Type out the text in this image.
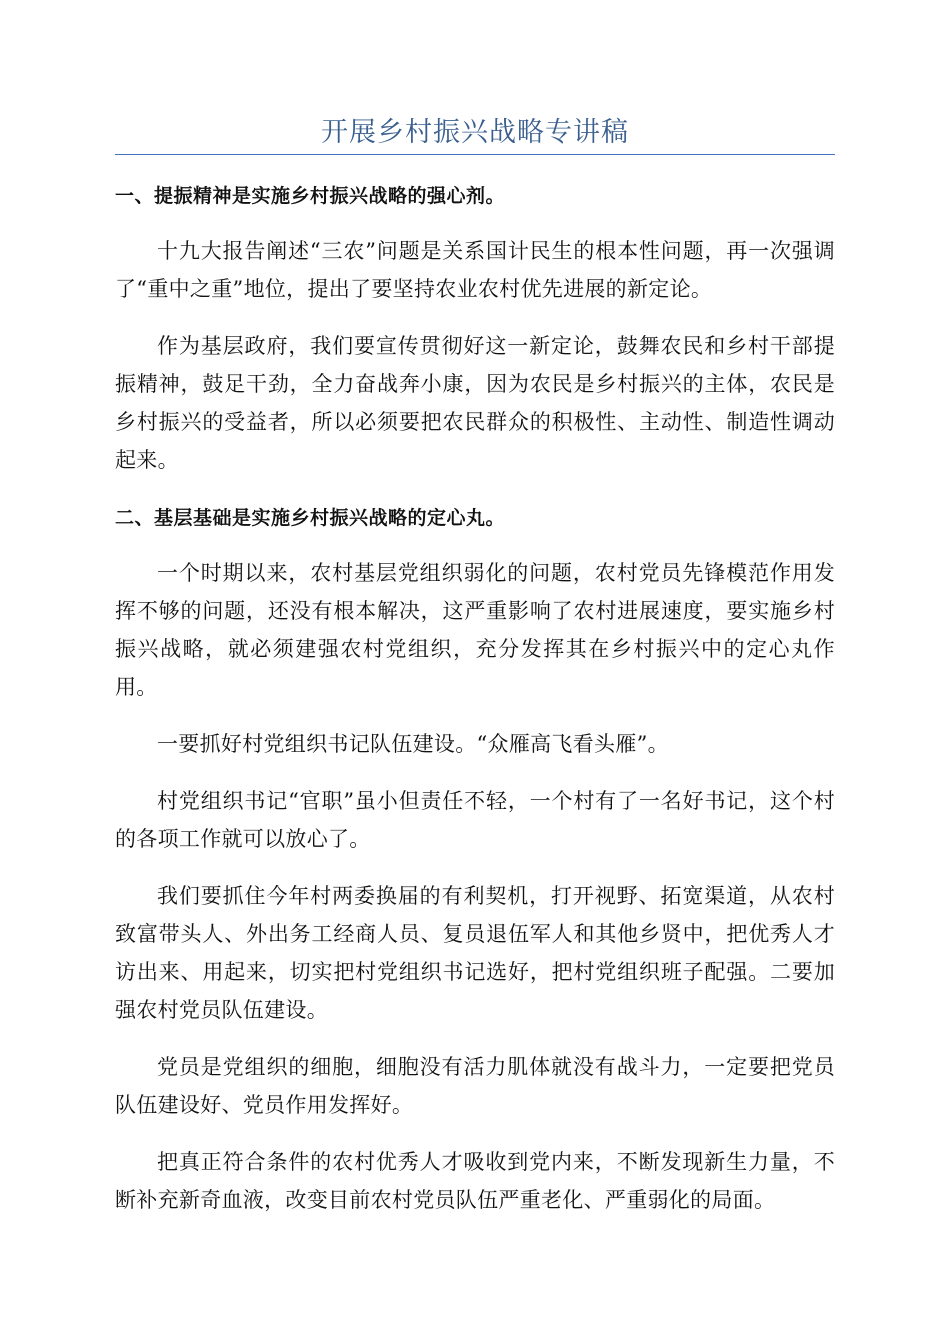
开展乡村振兴战略专讲稿

一、提振精神是实施乡村振兴战略的强心剂。

十九大报告阐述“三农”问题是关系国计民生的根本性问题，再一次强调了“重中之重”地位，提出了要坚持农业农村优先进展的新定论。

作为基层政府，我们要宣传贯彻好这一新定论，鼓舞农民和乡村干部提振精神，鼓足干劲，全力奋战奔小康，因为农民是乡村振兴的主体，农民是乡村振兴的受益者，所以必须要把农民群众的积极性、主动性、制造性调动起来。

二、基层基础是实施乡村振兴战略的定心丸。

一个时期以来，农村基层党组织弱化的问题，农村党员先锋模范作用发挥不够的问题，还没有根本解决，这严重影响了农村进展速度，要实施乡村振兴战略，就必须建强农村党组织，充分发挥其在乡村振兴中的定心丸作用。

一要抓好村党组织书记队伍建设。“众雁高飞看头雁”。

村党组织书记“官职”虽小但责任不轻，一个村有了一名好书记，这个村的各项工作就可以放心了。

我们要抓住今年村两委换届的有利契机，打开视野、拓宽渠道，从农村致富带头人、外出务工经商人员、复员退伍军人和其他乡贤中，把优秀人才访出来、用起来，切实把村党组织书记选好，把村党组织班子配强。二要加强农村党员队伍建设。

党员是党组织的细胞，细胞没有活力肌体就没有战斗力，一定要把党员队伍建设好、党员作用发挥好。

把真正符合条件的农村优秀人才吸收到党内来，不断发现新生力量，不断补充新奇血液，改变目前农村党员队伍严重老化、严重弱化的局面。
